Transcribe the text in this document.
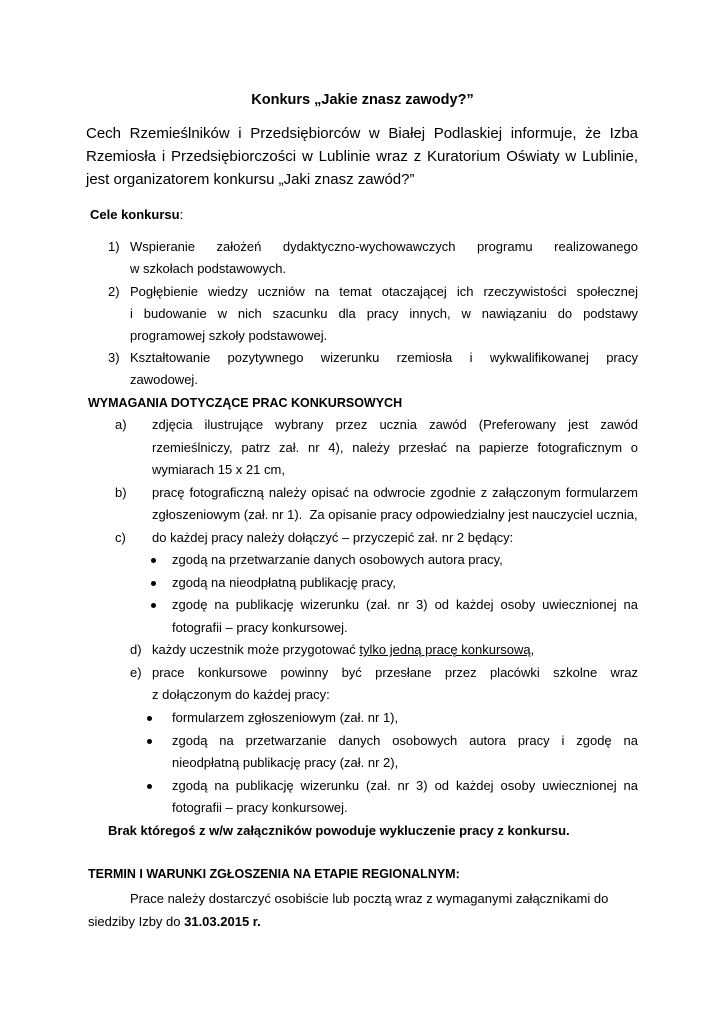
Konkurs „Jakie znasz zawody?”
Cech Rzemieślników i Przedsiębiorców w Białej Podlaskiej informuje, że Izba
Rzemiosła i Przedsiębiorczości w Lublinie wraz z Kuratorium Oświaty w Lublinie,
jest organizatorem konkursu „Jaki znasz zawód?”
Cele konkursu:
1) Wspieranie założeń dydaktyczno-wychowawczych programu realizowanego
w szkołach podstawowych.
2) Pogłębienie wiedzy uczniów na temat otaczającej ich rzeczywistości społecznej
i budowanie w nich szacunku dla pracy innych, w nawiązaniu do podstawy
programowej szkoły podstawowej.
3) Kształtowanie pozytywnego wizerunku rzemiosła i wykwalifikowanej pracy
zawodowej.
WYMAGANIA DOTYCZĄCE PRAC KONKURSOWYCH
a) zdjęcia ilustrujące wybrany przez ucznia zawód (Preferowany jest zawód
rzemieślniczy, patrz zał. nr 4), należy przesłać na papierze fotograficznym o
wymiarach 15 x 21 cm,
b) pracę fotograficzną należy opisać na odwrocie zgodnie z załączonym formularzem
zgłoszeniowym (zał. nr 1).  Za opisanie pracy odpowiedzialny jest nauczyciel ucznia,
c) do każdej pracy należy dołączyć – przyczepić zał. nr 2 będący:
zgodą na przetwarzanie danych osobowych autora pracy,
zgodą na nieodpłatną publikację pracy,
zgodę na publikację wizerunku (zał. nr 3) od każdej osoby uwiecznionej na
fotografii – pracy konkursowej.
d) każdy uczestnik może przygotować tylko jedną pracę konkursową,
e) prace konkursowe powinny być przesłane przez placówki szkolne wraz
z dołączonym do każdej pracy:
formularzem zgłoszeniowym (zał. nr 1),
zgodą na przetwarzanie danych osobowych autora pracy i zgodę na
nieodpłatną publikację pracy (zał. nr 2),
zgodą na publikację wizerunku (zał. nr 3) od każdej osoby uwiecznionej na
fotografii – pracy konkursowej.
Brak któregoś z w/w załączników powoduje wykluczenie pracy z konkursu.
TERMIN I WARUNKI ZGŁOSZENIA NA ETAPIE REGIONALNYM:
Prace należy dostarczyć osobiście lub pocztą wraz z wymaganymi załącznikami do
siedziby Izby do 31.03.2015 r.
